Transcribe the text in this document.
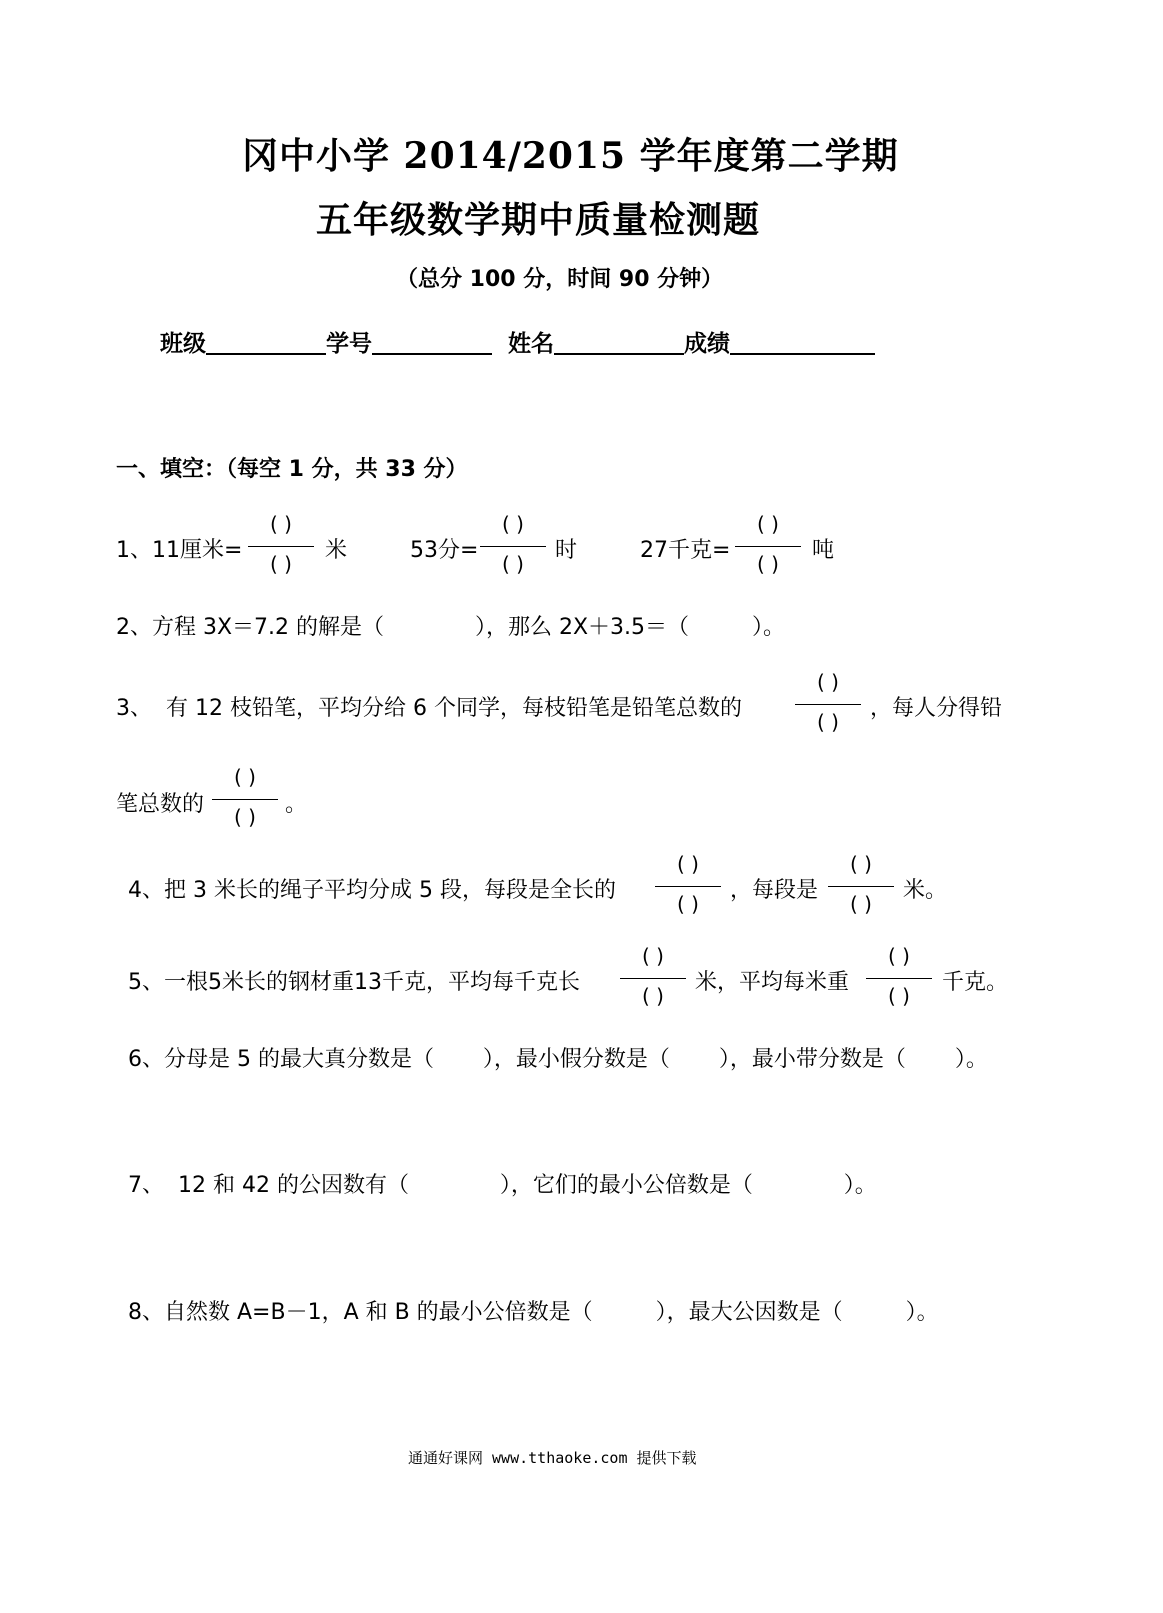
冈中小学 2014/2015 学年度第二学期
五年级数学期中质量检测题
（总分 100 分，时间 90 分钟）
班级	学号	姓名	成绩
一、填空：（每空 1 分，共 33 分）
1、11厘米=
( )
( )
米	53分=
( )
( )
时	27千克=
( )
( )
吨
2、方程 3X＝7.2 的解是（             ），那么 2X＋3.5＝（         ）。
3、  有 12 枝铅笔，平均分给 6 个同学，每枝铅笔是铅笔总数的
( )
( )
，每人分得铅
笔总数的
( )
( )	。
4、把 3 米长的绳子平均分成 5 段，每段是全长的
( )
( )
，每段是
( )
( )
米。
5、一根5米长的钢材重13千克，平均每千克长
( )
( )
米，平均每米重
( )
( )
千克。
6、分母是 5 的最大真分数是（       ），最小假分数是（       ），最小带分数是（       ）。
7、  12 和 42 的公因数有（             ），它们的最小公倍数是（             ）。
8、自然数 A=B－1，A 和 B 的最小公倍数是（         ），最大公因数是（         ）。
通通好课网 www.tthaoke.com 提供下载
